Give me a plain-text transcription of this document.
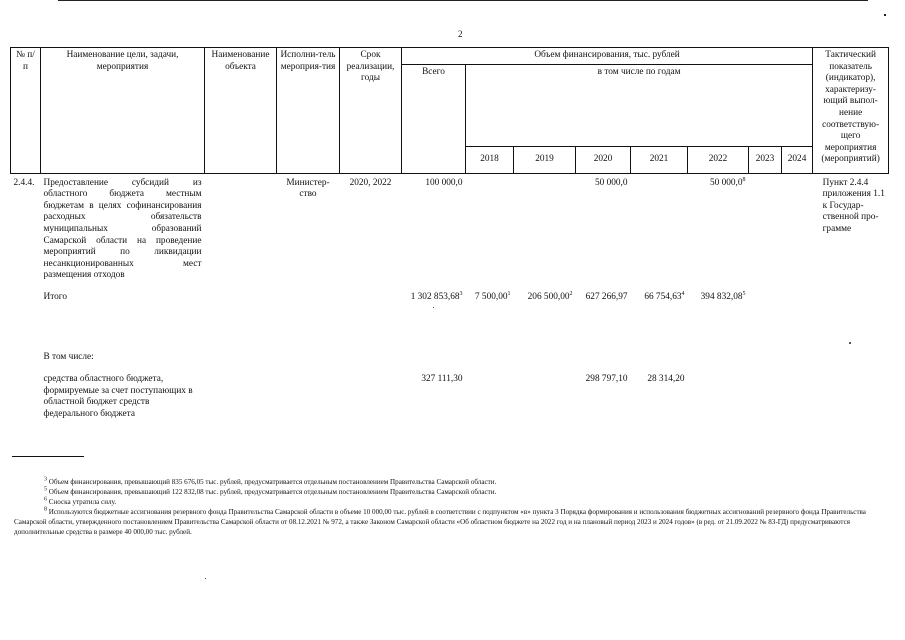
2
№ п/п	Наименование цели, задачи, мероприятия	Наименование объекта	Исполни-тель мероприя-тия	Срок реализации, годы	Объем финансирования, тыс. рублей								Тактический показатель (индикатор), характеризу-ющий выпол-нение соответствую-щего мероприятия (мероприятий)
					Всего	в том числе по годам							
						2018	2019	2020	2021	2022	2023	2024	
2.4.4.	Предоставление субсидий из областного бюджета местным бюджетам в целях софинансирования расходных обязательств муниципальных образований Самарской области на проведение мероприятий по ликвидации несанкционированных мест размещения отходов		Министер-ство	2020, 2022	100 000,0			50 000,0		50 000,0$^8$			Пункт 2.4.4 приложения 1.1 к Государ-ственной про-грамме
	Итого				1 302 853,68$^3$	7 500,00$^1$	206 500,00$^2$	627 266,97	66 754,63$^4$	394 832,08$^5$			
	В том числе:												
	средства областного бюджета, формируемые за счет поступающих в областной бюджет средств федерального бюджета				327 111,30			298 797,10	28 314,20				

$^3$ Объем финансирования, превышающий 835 676,05 тыс. рублей, предусматривается отдельным постановлением Правительства Самарской области.

$^5$ Объем финансирования, превышающий 122 832,08 тыс. рублей, предусматривается отдельным постановлением Правительства Самарской области.

$^6$ Сноска утратила силу.

$^8$ Используются бюджетные ассигнования резервного фонда Правительства Самарской области в объеме 10 000,00 тыс. рублей в соответствии с подпунктом «в» пункта 3 Порядка формирования и использования бюджетных ассигнований резервного фонда Правительства Самарской области, утвержденного постановлением Правительства Самарской области от 08.12.2021 № 972, а также Законом Самарской области «Об областном бюджете на 2022 год и на плановый период 2023 и 2024 годов» (в ред. от 21.09.2022 № 83-ГД) предусматриваются дополнительные средства в размере 40 000,00 тыс. рублей.
